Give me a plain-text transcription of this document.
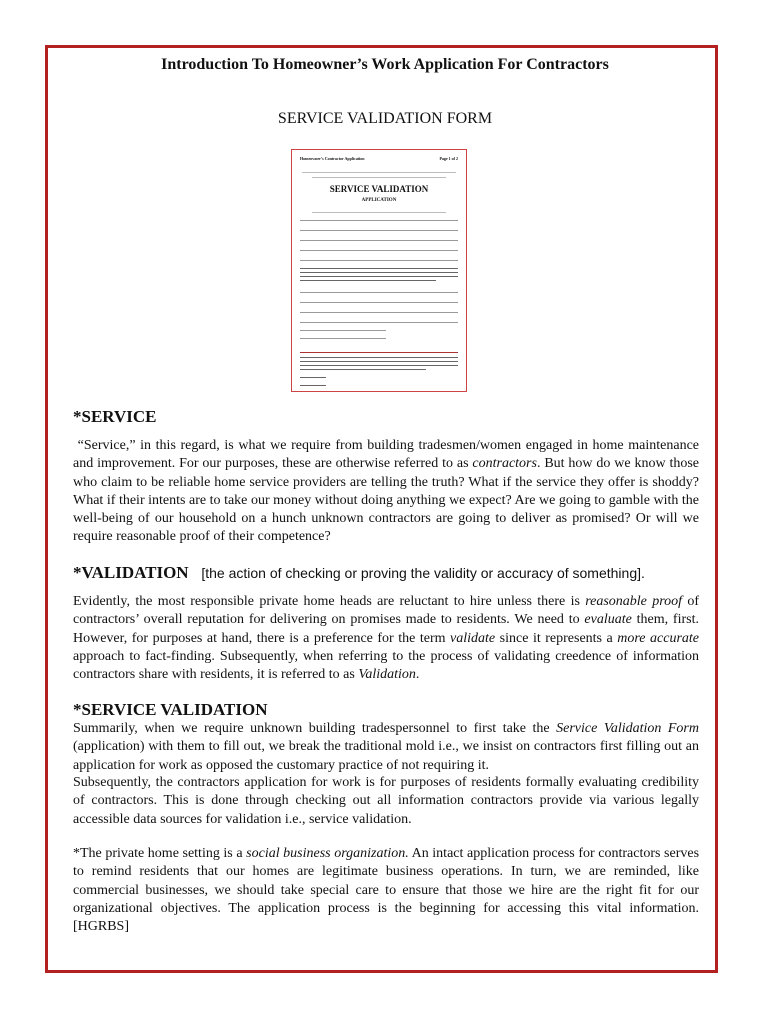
Introduction To Homeowner’s Work Application For Contractors
SERVICE VALIDATION FORM
Homeowner’s Contractor Application	Page 1 of 2
SERVICE VALIDATION
APPLICATION
*SERVICE

“Service,” in this regard, is what we require from building tradesmen/women engaged in home maintenance and improvement. For our purposes, these are otherwise referred to as contractors. But how do we know those who claim to be reliable home service providers are telling the truth? What if the service they offer is shoddy? What if their intents are to take our money without doing anything we expect? Are we going to gamble with the well-being of our household on a hunch unknown contractors are going to deliver as promised? Or will we require reasonable proof of their competence?

*VALIDATION [the action of checking or proving the validity or accuracy of something].

Evidently, the most responsible private home heads are reluctant to hire unless there is reasonable proof of contractors’ overall reputation for delivering on promises made to residents. We need to evaluate them, first. However, for purposes at hand, there is a preference for the term validate since it represents a more accurate approach to fact-finding. Subsequently, when referring to the process of validating creedence of information contractors share with residents, it is referred to as Validation.

*SERVICE VALIDATION

Summarily, when we require unknown building tradespersonnel to first take the Service Validation Form (application) with them to fill out, we break the traditional mold i.e., we insist on contractors first filling out an application for work as opposed the customary practice of not requiring it.

Subsequently, the contractors application for work is for purposes of residents formally evaluating credibility of contractors. This is done through checking out all information contractors provide via various legally accessible data sources for validation i.e., service validation.

*The private home setting is a social business organization. An intact application process for contractors serves to remind residents that our homes are legitimate business operations. In turn, we are reminded, like commercial businesses, we should take special care to ensure that those we hire are the right fit for our organizational objectives. The application process is the beginning for accessing this vital information. [HGRBS]
